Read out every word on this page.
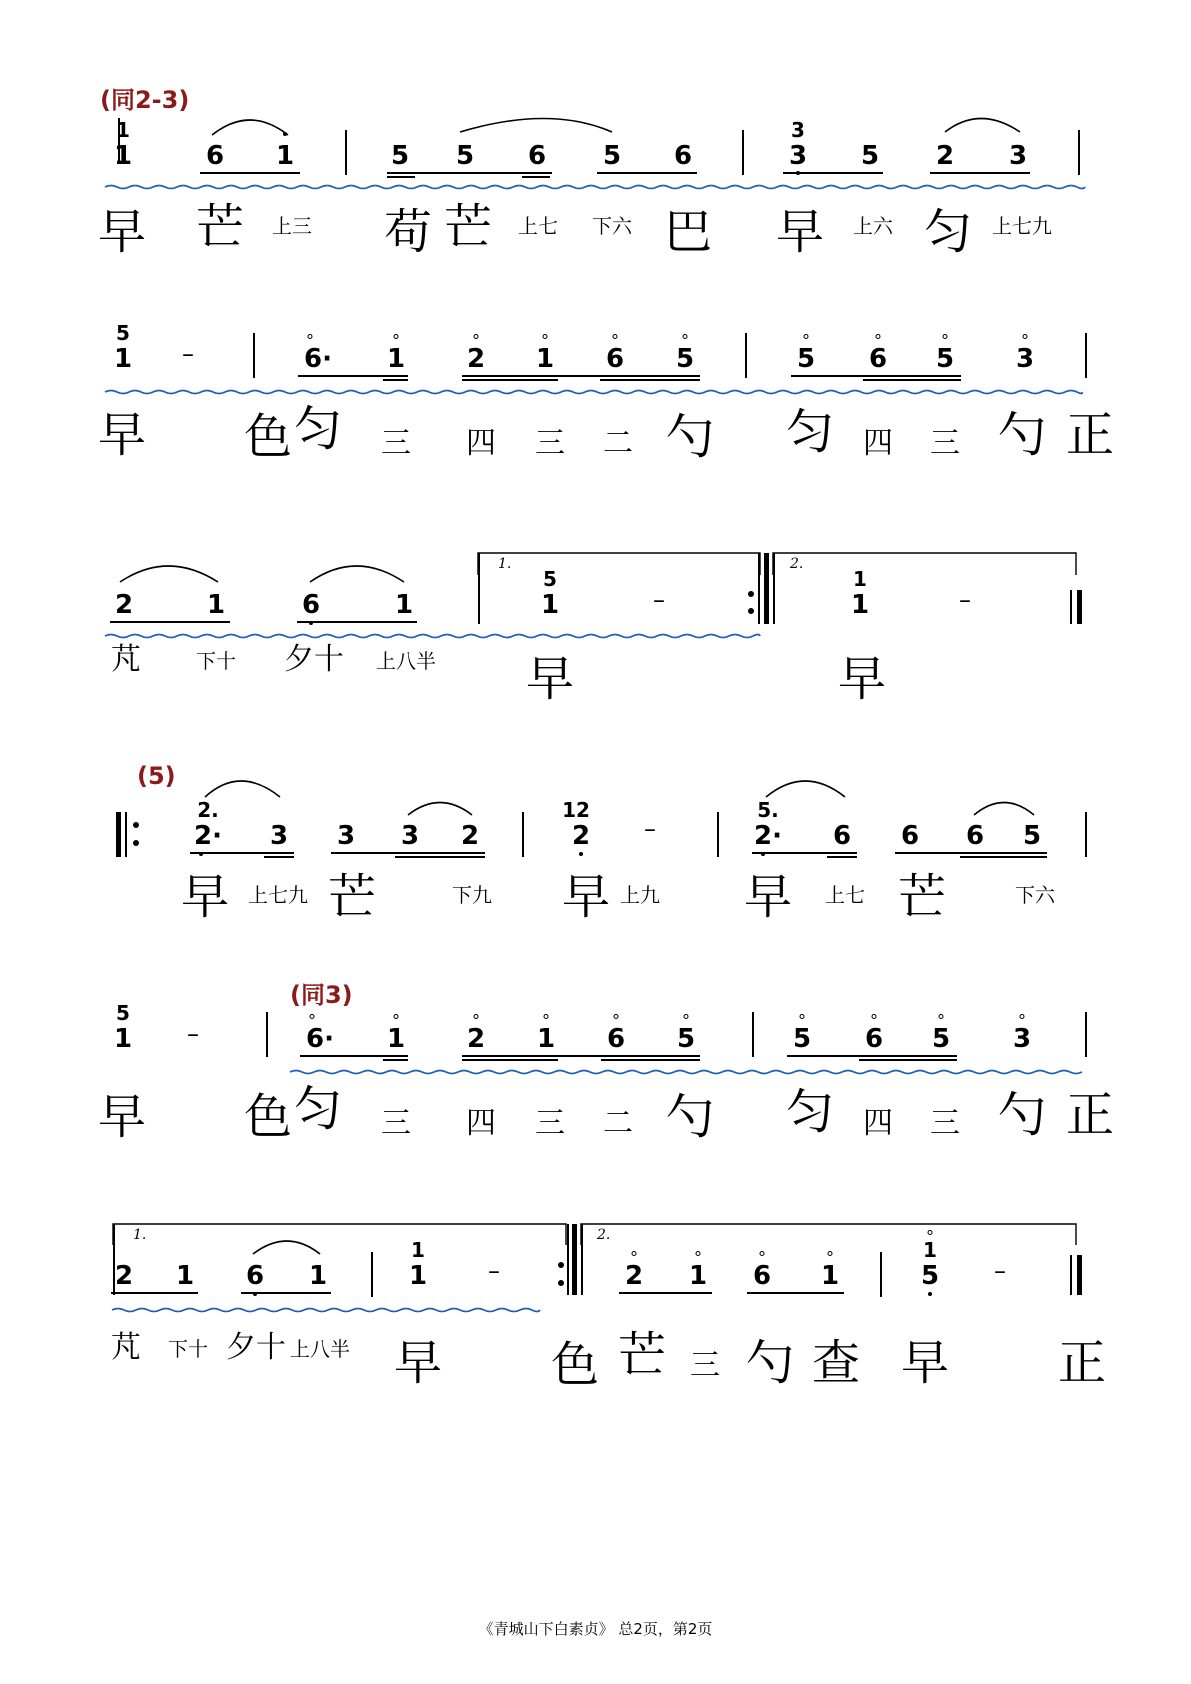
(同2-3)
1
1	6 1	5 5 6 5 6
3
3 5 2 3
早 芒 上三 苟 芒 上七 下六 巴 早 上六 匀 上七九
5
1 –	6· 1 2 1 6 5	5 6 5 3
早 色 匀 三 四 三 二 勺 匀 四 三 勺 正
2	1	6	1
1.
5
1	–
2.
1
1	–
芃	下十 夕十 上八半 早	早
(5)
2.
2· 3 3 3 2
12
2 –
5.
2· 6 6 6 5
早 上七九 芒	下九 早 上九 早 上七 芒	下六
(同3)
5
1 –	6· 1 2 1 6 5	5 6 5 3
早 色 匀 三 四 三 二 勺 匀 四 三 勺 正
1.
2 1 6 1
1
1	–
2.
2 1 6 1
1
5 –
芃 下十 夕十 上八半 早 色 芒 三 勺 查 早 正
《青城山下白素贞》 总2页，第2页
